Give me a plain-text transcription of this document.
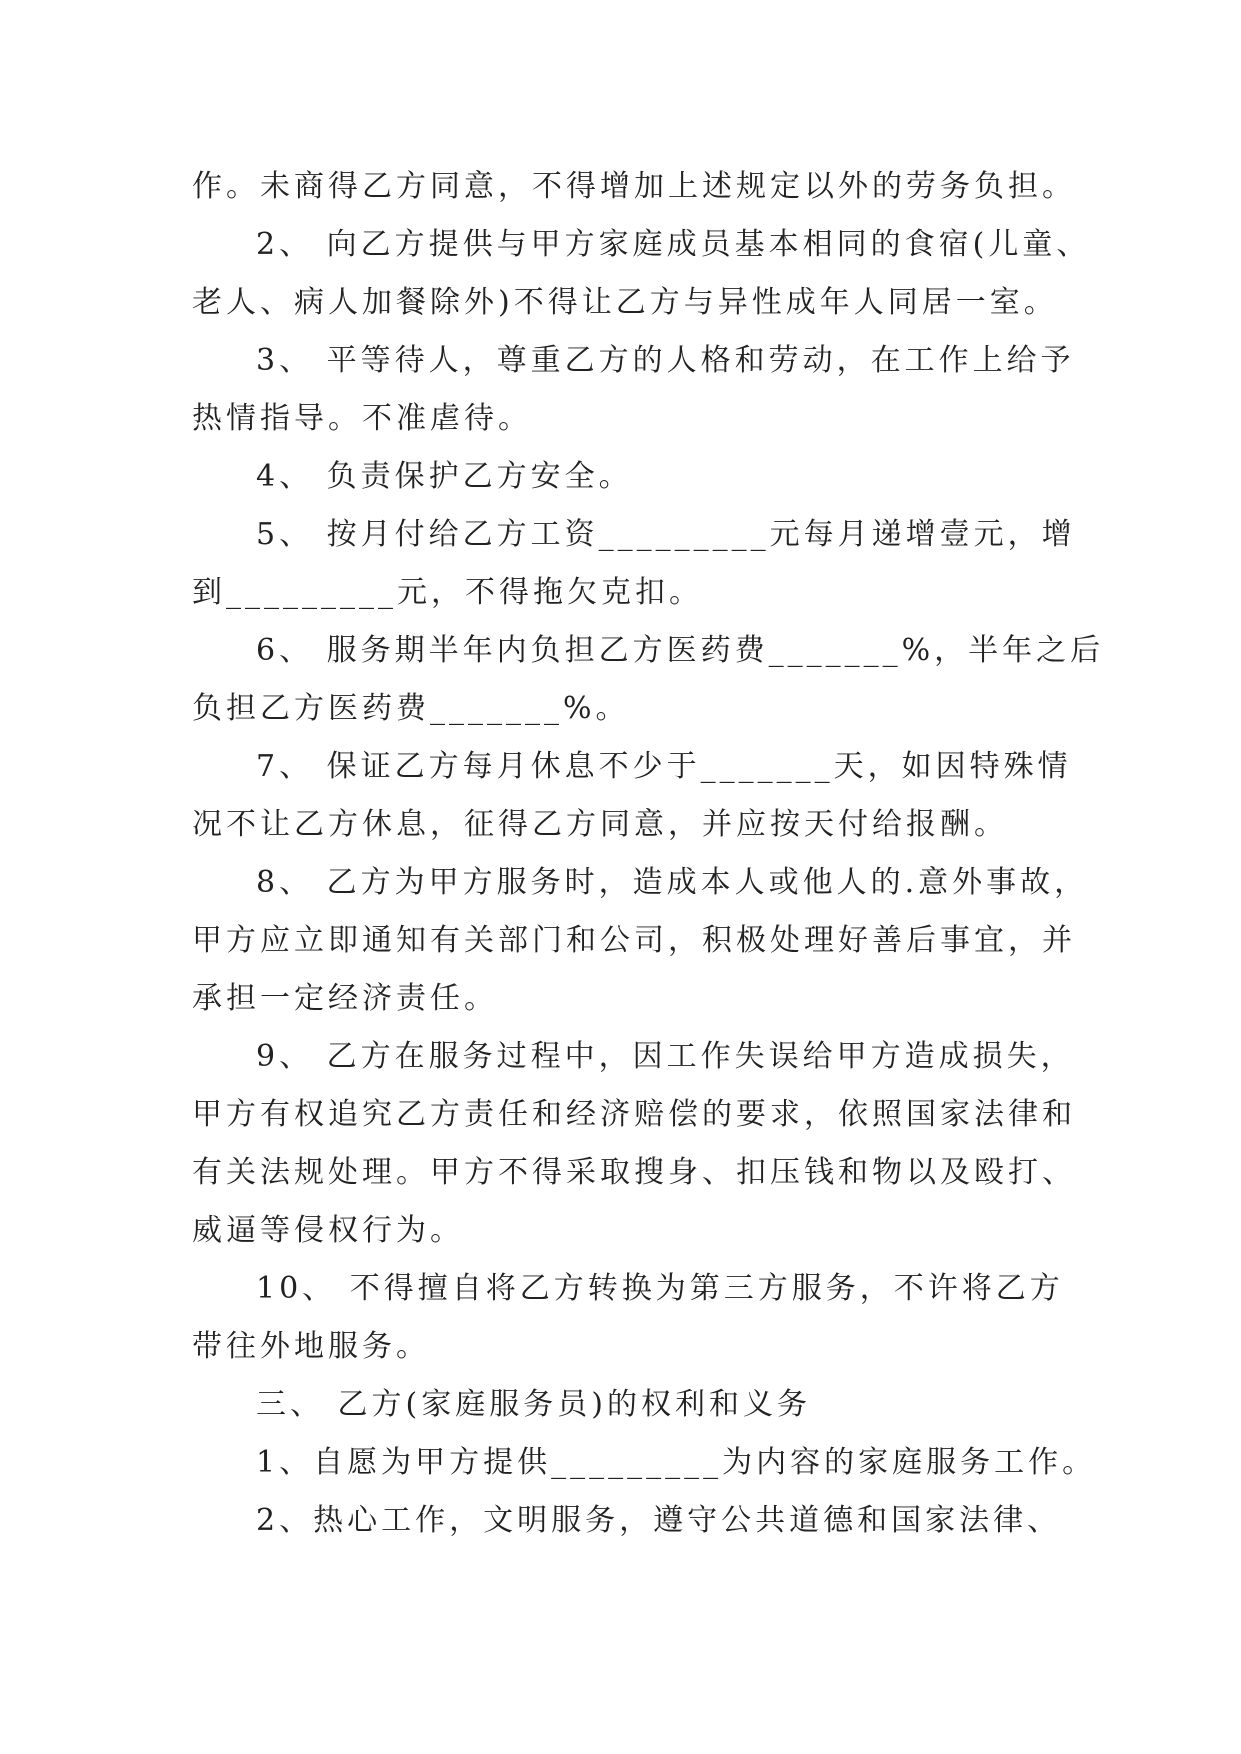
作。未商得乙方同意，不得增加上述规定以外的劳务负担。
2、 向乙方提供与甲方家庭成员基本相同的食宿(儿童、
老人、病人加餐除外)不得让乙方与异性成年人同居一室。
3、 平等待人，尊重乙方的人格和劳动，在工作上给予
热情指导。不准虐待。
4、 负责保护乙方安全。
5、 按月付给乙方工资_________元每月递增壹元，增
到_________元，不得拖欠克扣。
6、 服务期半年内负担乙方医药费_______%，半年之后
负担乙方医药费_______%。
7、 保证乙方每月休息不少于_______天，如因特殊情
况不让乙方休息，征得乙方同意，并应按天付给报酬。
8、 乙方为甲方服务时，造成本人或他人的.意外事故，
甲方应立即通知有关部门和公司，积极处理好善后事宜，并
承担一定经济责任。
9、 乙方在服务过程中，因工作失误给甲方造成损失，
甲方有权追究乙方责任和经济赔偿的要求，依照国家法律和
有关法规处理。甲方不得采取搜身、扣压钱和物以及殴打、
威逼等侵权行为。
10、 不得擅自将乙方转换为第三方服务，不许将乙方
带往外地服务。
三、 乙方(家庭服务员)的权利和义务
1、自愿为甲方提供_________为内容的家庭服务工作。
2、热心工作，文明服务，遵守公共道德和国家法律、
